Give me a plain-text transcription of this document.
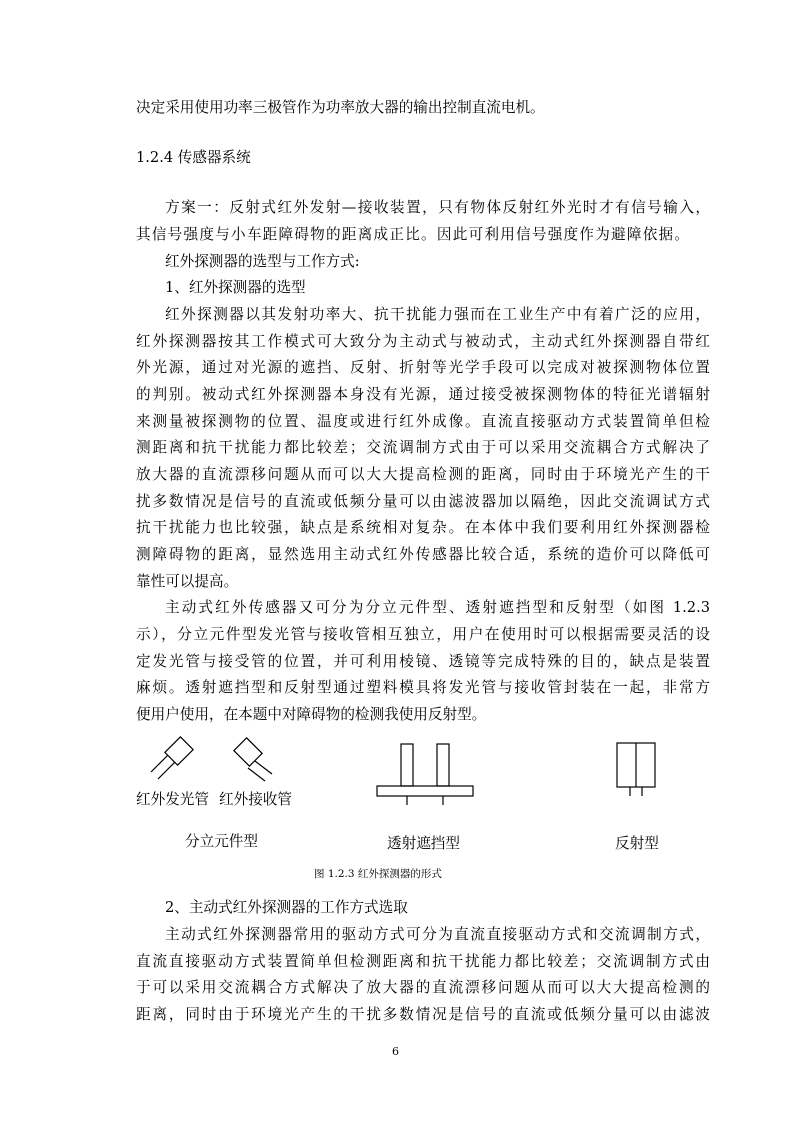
决定采用使用功率三极管作为功率放大器的输出控制直流电机。
1.2.4 传感器系统
方案一：反射式红外发射—接收装置，只有物体反射红外光时才有信号输入，
其信号强度与小车距障碍物的距离成正比。因此可利用信号强度作为避障依据。
红外探测器的选型与工作方式:
1、红外探测器的选型
红外探测器以其发射功率大、抗干扰能力强而在工业生产中有着广泛的应用，
红外探测器按其工作模式可大致分为主动式与被动式，主动式红外探测器自带红
外光源，通过对光源的遮挡、反射、折射等光学手段可以完成对被探测物体位置
的判别。被动式红外探测器本身没有光源，通过接受被探测物体的特征光谱辐射
来测量被探测物的位置、温度或进行红外成像。直流直接驱动方式装置简单但检
测距离和抗干扰能力都比较差；交流调制方式由于可以采用交流耦合方式解决了
放大器的直流漂移问题从而可以大大提高检测的距离，同时由于环境光产生的干
扰多数情况是信号的直流或低频分量可以由滤波器加以隔绝，因此交流调试方式
抗干扰能力也比较强，缺点是系统相对复杂。在本体中我们要利用红外探测器检
测障碍物的距离，显然选用主动式红外传感器比较合适，系统的造价可以降低可
靠性可以提高。
主动式红外传感器又可分为分立元件型、透射遮挡型和反射型（如图 1.2.3
示），分立元件型发光管与接收管相互独立，用户在使用时可以根据需要灵活的设
定发光管与接受管的位置，并可利用棱镜、透镜等完成特殊的目的，缺点是装置
麻烦。透射遮挡型和反射型通过塑料模具将发光管与接收管封装在一起，非常方
便用户使用，在本题中对障碍物的检测我使用反射型。
红外发光管 红外接收管
分立元件型	透射遮挡型	反射型
图 1.2.3 红外探测器的形式
2、主动式红外探测器的工作方式选取
主动式红外探测器常用的驱动方式可分为直流直接驱动方式和交流调制方式，
直流直接驱动方式装置简单但检测距离和抗干扰能力都比较差；交流调制方式由
于可以采用交流耦合方式解决了放大器的直流漂移问题从而可以大大提高检测的
距离，同时由于环境光产生的干扰多数情况是信号的直流或低频分量可以由滤波
6
